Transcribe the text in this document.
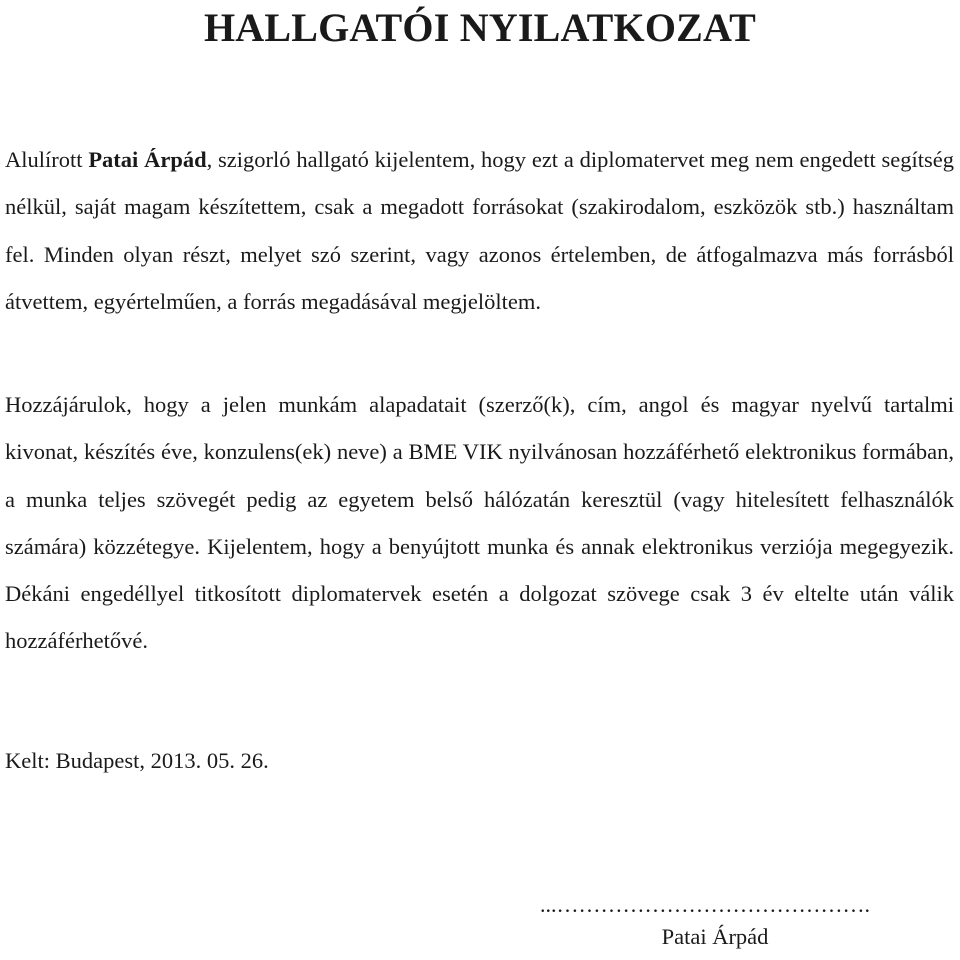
HALLGATÓI NYILATKOZAT

Alulírott Patai Árpád, szigorló hallgató kijelentem, hogy ezt a diplomatervet meg nem engedett segítség nélkül, saját magam készítettem, csak a megadott forrásokat (szakirodalom, eszközök stb.) használtam fel. Minden olyan részt, melyet szó szerint, vagy azonos értelemben, de átfogalmazva más forrásból átvettem, egyértelműen, a forrás megadásával megjelöltem.

Hozzájárulok, hogy a jelen munkám alapadatait (szerző(k), cím, angol és magyar nyelvű tartalmi kivonat, készítés éve, konzulens(ek) neve) a BME VIK nyilvánosan hozzáférhető elektronikus formában, a munka teljes szövegét pedig az egyetem belső hálózatán keresztül (vagy hitelesített felhasználók számára) közzétegye. Kijelentem, hogy a benyújtott munka és annak elektronikus verziója megegyezik. Dékáni engedéllyel titkosított diplomatervek esetén a dolgozat szövege csak 3 év eltelte után válik hozzáférhetővé.

Kelt: Budapest, 2013. 05. 26.

...…………………………………….

Patai Árpád
